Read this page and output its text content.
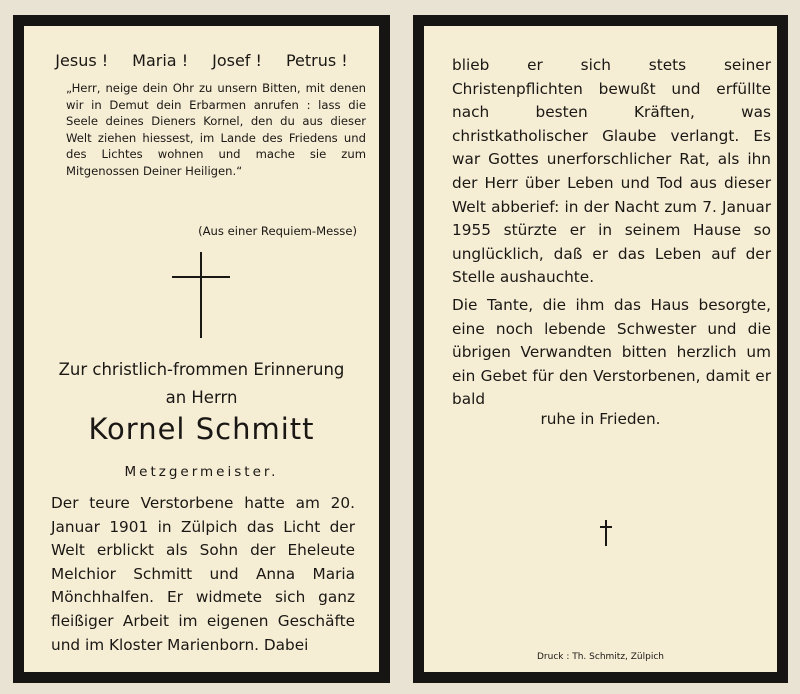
Jesus ! Maria ! Josef ! Petrus !

„Herr, neige dein Ohr zu unsern Bitten, mit denen wir in Demut dein Erbarmen anrufen : lass die Seele deines Dieners Kornel, den du aus dieser Welt ziehen hiessest, im Lande des Friedens und des Lichtes wohnen und mache sie zum Mitgenossen Deiner Heiligen.“

(Aus einer Requiem-Messe)
Zur christlich-frommen Erinnerung
an Herrn
Kornel Schmitt
Metzgermeister.

Der teure Verstorbene hatte am 20. Januar 1901 in Zülpich das Licht der Welt erblickt als Sohn der Eheleute Melchior Schmitt und Anna Maria Mönchhalfen. Er widmete sich ganz fleißiger Arbeit im eigenen Geschäfte und im Kloster Marienborn. Dabei

blieb er sich stets seiner Christenpflichten bewußt und erfüllte nach besten Kräften, was christkatholischer Glaube verlangt. Es war Gottes unerforschlicher Rat, als ihn der Herr über Leben und Tod aus dieser Welt abberief: in der Nacht zum 7. Januar 1955 stürzte er in seinem Hause so unglücklich, daß er das Leben auf der Stelle aushauchte.

Die Tante, die ihm das Haus besorgte, eine noch lebende Schwester und die übrigen Verwandten bitten herzlich um ein Gebet für den Verstorbenen, damit er bald

ruhe in Frieden.
Druck : Th. Schmitz, Zülpich
